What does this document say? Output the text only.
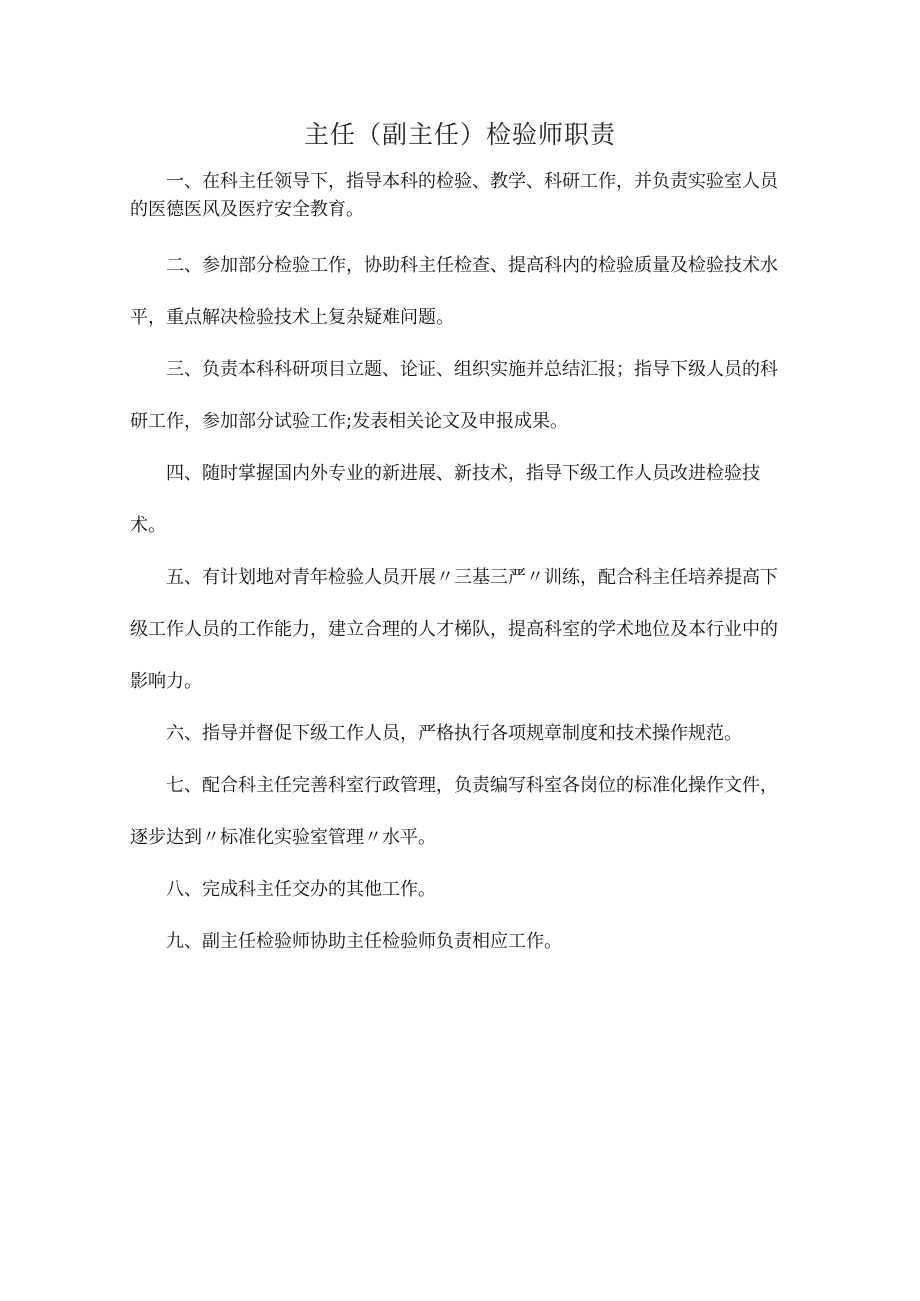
主任（副主任）检验师职责

一、在科主任领导下，指导本科的检验、教学、科研工作，并负责实验室人员的医德医风及医疗安全教育。

二、参加部分检验工作，协助科主任检查、提高科内的检验质量及检验技术水平，重点解决检验技术上复杂疑难问题。

三、负责本科科研项目立题、论证、组织实施并总结汇报；指导下级人员的科研工作，参加部分试验工作;发表相关论文及申报成果。

四、随时掌握国内外专业的新进展、新技术，指导下级工作人员改进检验技术。

五、有计划地对青年检验人员开展〃三基三严〃训练，配合科主任培养提高下级工作人员的工作能力，建立合理的人才梯队，提高科室的学术地位及本行业中的影响力。

六、指导并督促下级工作人员，严格执行各项规章制度和技术操作规范。

七、配合科主任完善科室行政管理，负责编写科室各岗位的标准化操作文件，逐步达到〃标准化实验室管理〃水平。

八、完成科主任交办的其他工作。

九、副主任检验师协助主任检验师负责相应工作。
